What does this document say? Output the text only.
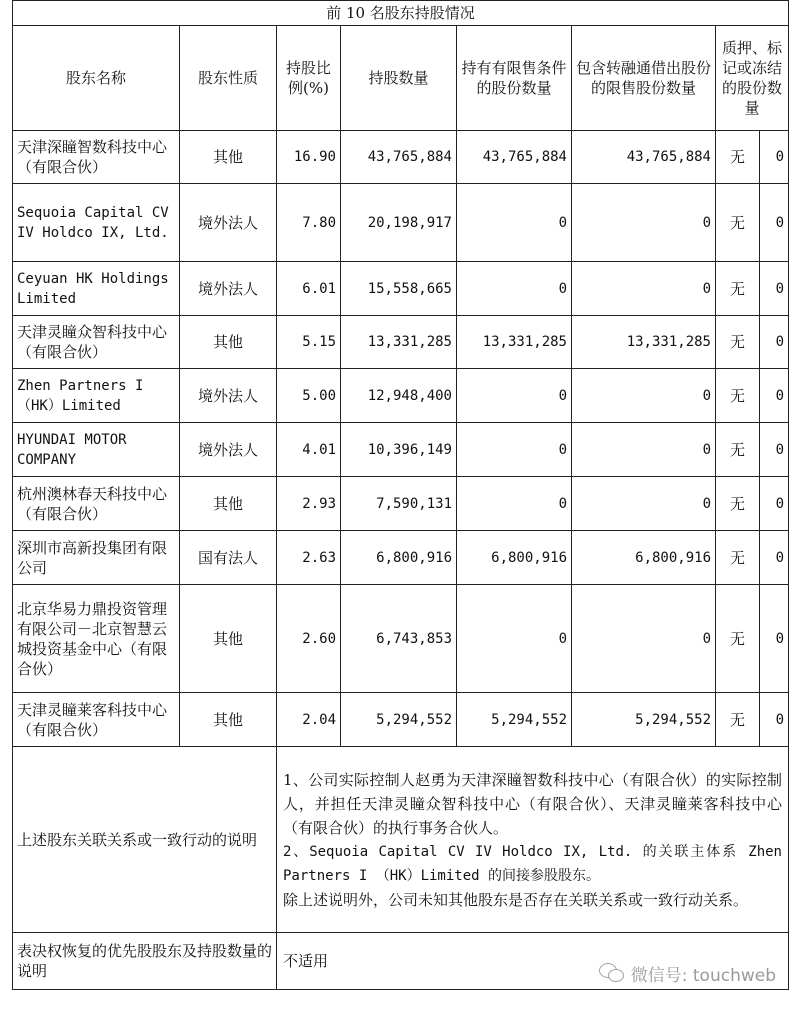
前 10 名股东持股情况							
股东名称	股东性质	持股比例(%)	持股数量	持有有限售条件的股份数量	包含转融通借出股份的限售股份数量	质押、标记或冻结的股份数量	
天津深瞳智数科技中心（有限合伙）	其他	16.90	43,765,884	43,765,884	43,765,884	无	0
Sequoia Capital CV IV Holdco IX, Ltd.	境外法人	7.80	20,198,917	0	0	无	0
Ceyuan HK Holdings Limited	境外法人	6.01	15,558,665	0	0	无	0
天津灵瞳众智科技中心（有限合伙）	其他	5.15	13,331,285	13,331,285	13,331,285	无	0
Zhen Partners I（HK）Limited	境外法人	5.00	12,948,400	0	0	无	0
HYUNDAI MOTOR COMPANY	境外法人	4.01	10,396,149	0	0	无	0
杭州澳林春天科技中心（有限合伙）	其他	2.93	7,590,131	0	0	无	0
深圳市高新投集团有限公司	国有法人	2.63	6,800,916	6,800,916	6,800,916	无	0
北京华易力鼎投资管理有限公司－北京智慧云城投资基金中心（有限合伙）	其他	2.60	6,743,853	0	0	无	0
天津灵瞳莱客科技中心（有限合伙）	其他	2.04	5,294,552	5,294,552	5,294,552	无	0
上述股东关联关系或一致行动的说明		1、公司实际控制人赵勇为天津深瞳智数科技中心（有限合伙）的实际控制人，并担任天津灵瞳众智科技中心（有限合伙）、天津灵瞳莱客科技中心（有限合伙）的执行事务合伙人。

2、Sequoia Capital CV IV Holdco IX, Ltd. 的关联主体系 Zhen Partners I （HK）Limited 的间接参股股东。

除上述说明外，公司未知其他股东是否存在关联关系或一致行动关系。					

表决权恢复的优先股股东及持股数量的说明		不适用					
微信号: touchweb
